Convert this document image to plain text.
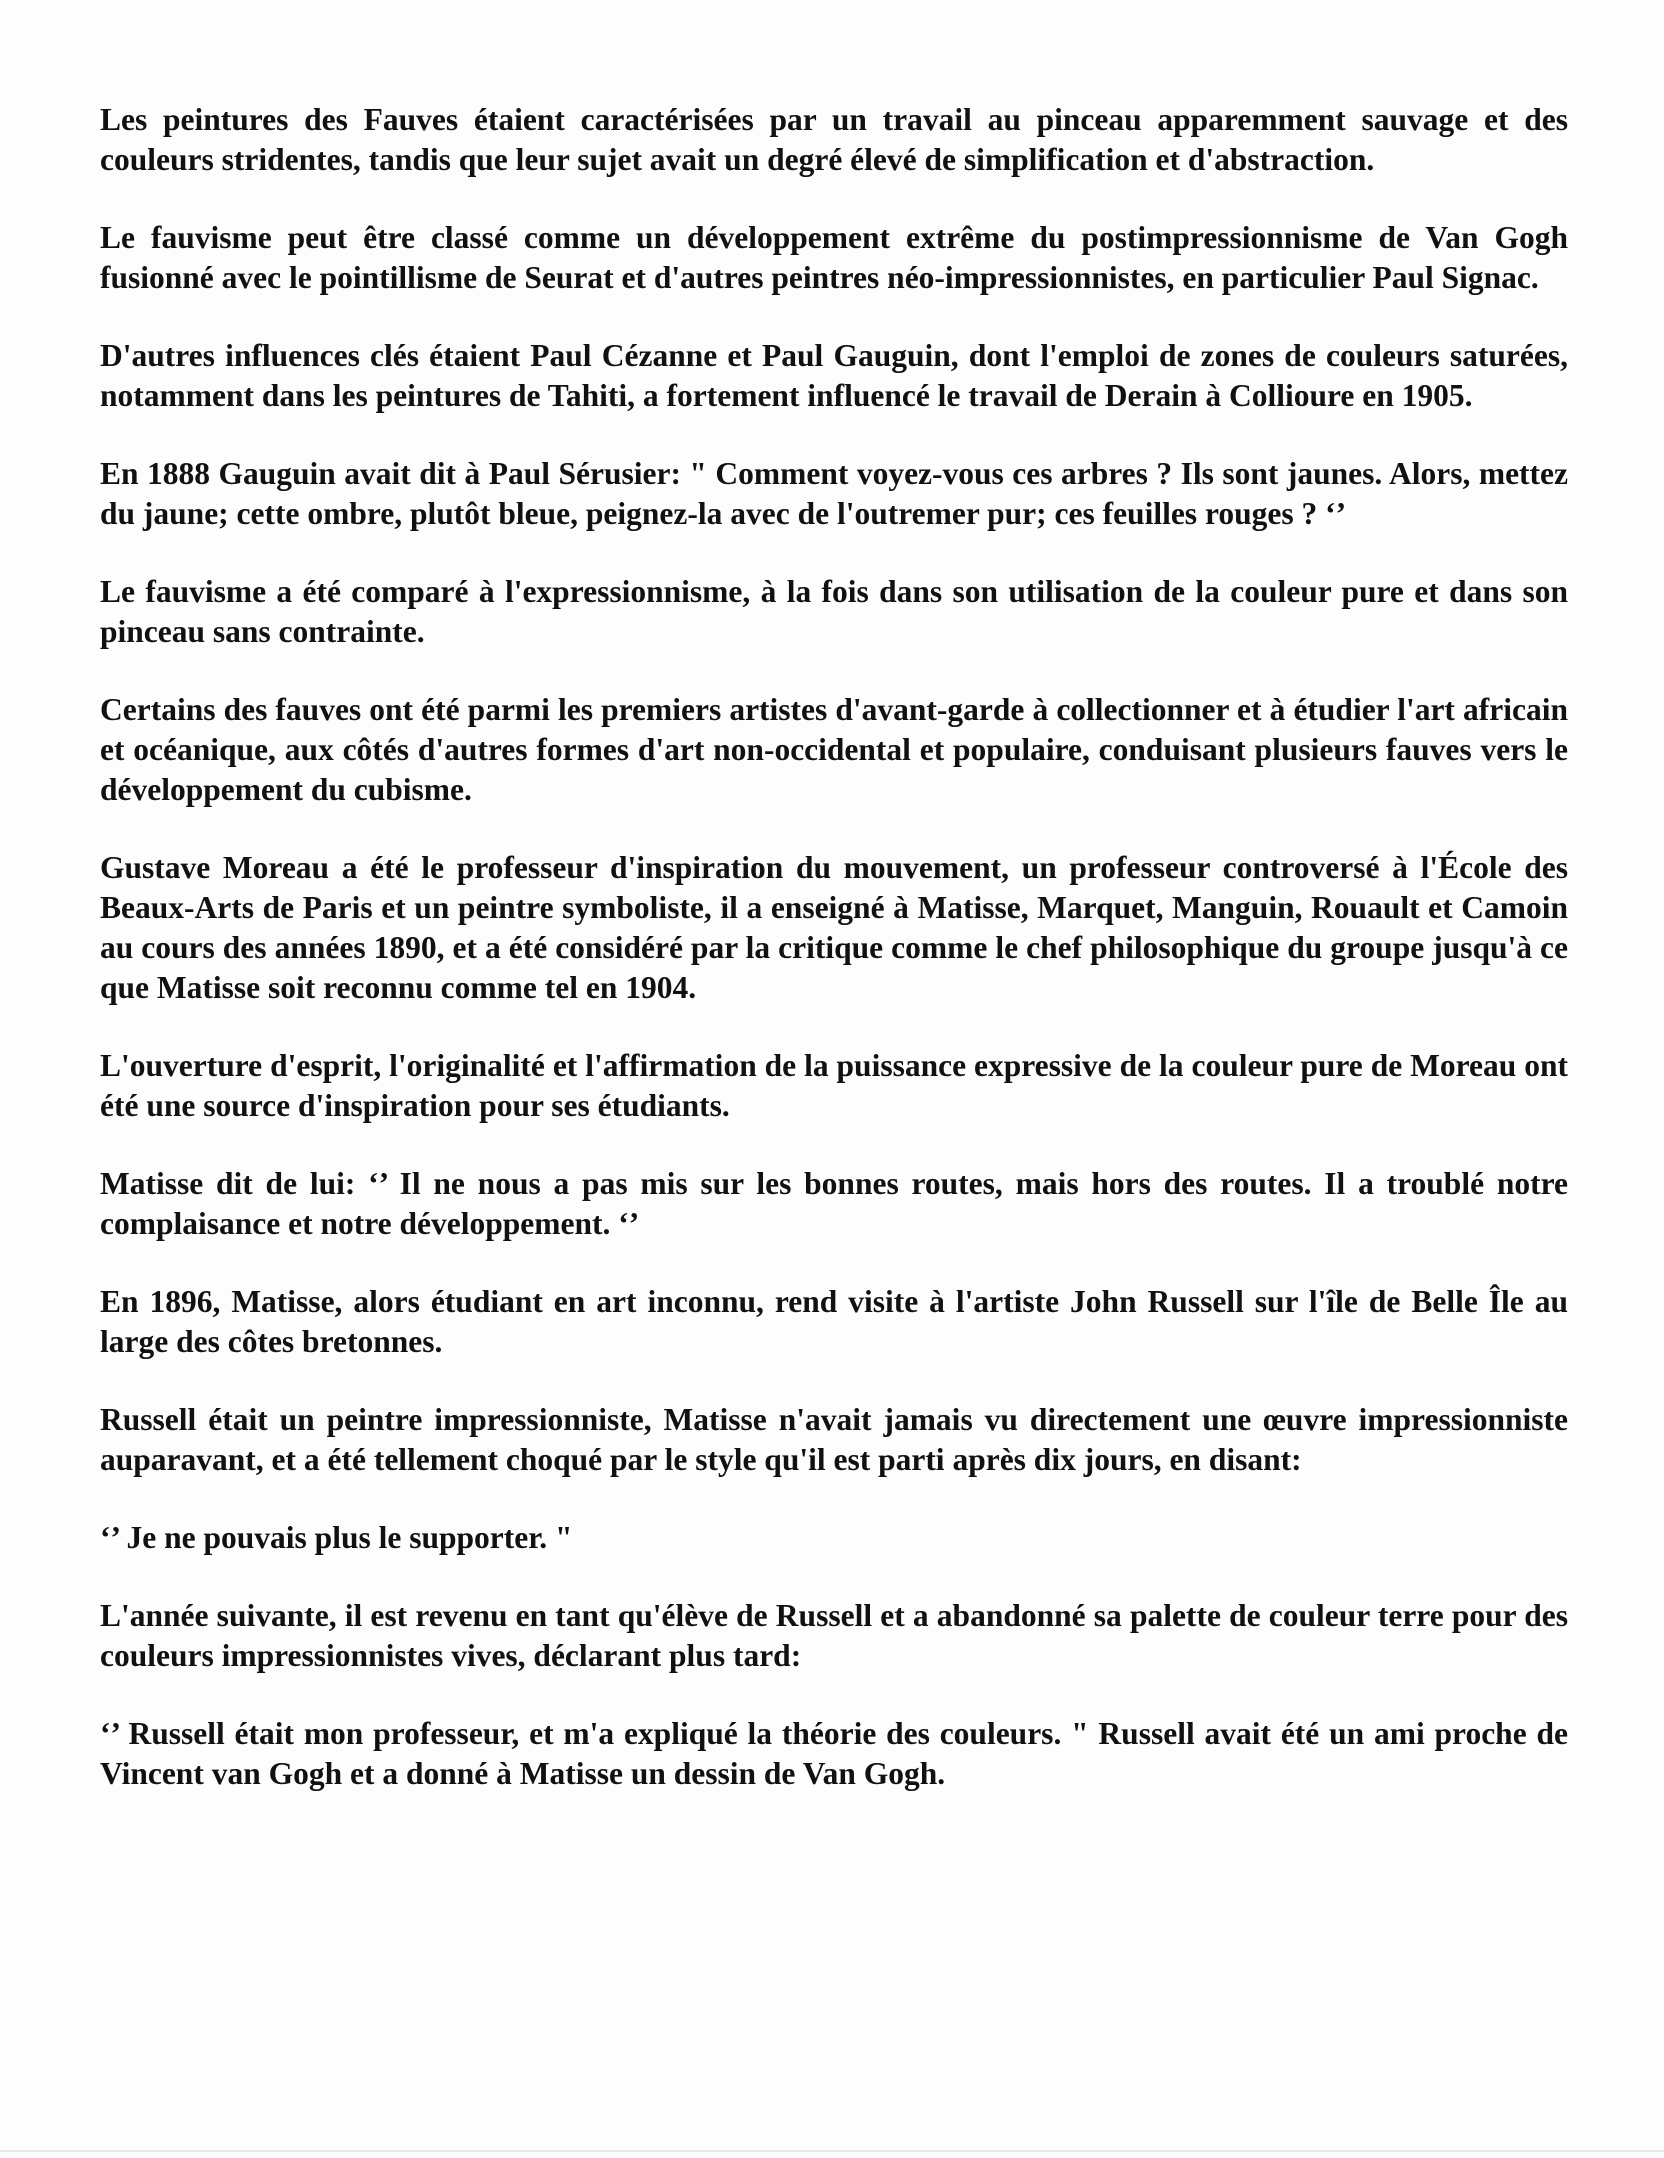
Les peintures des Fauves étaient caractérisées par un travail au pinceau apparemment sauvage et des couleurs stridentes, tandis que leur sujet avait un degré élevé de simplification et d'abstraction.

Le fauvisme peut être classé comme un développement extrême du postimpressionnisme de Van Gogh fusionné avec le pointillisme de Seurat et d'autres peintres néo-impressionnistes, en particulier Paul Signac.

D'autres influences clés étaient Paul Cézanne et Paul Gauguin, dont l'emploi de zones de couleurs saturées, notamment dans les peintures de Tahiti, a fortement influencé le travail de Derain à Collioure en 1905.

En 1888 Gauguin avait dit à Paul Sérusier: " Comment voyez-vous ces arbres ? Ils sont jaunes. Alors, mettez du jaune; cette ombre, plutôt bleue, peignez-la avec de l'outremer pur; ces feuilles rouges ? ‘’

Le fauvisme a été comparé à l'expressionnisme, à la fois dans son utilisation de la couleur pure et dans son pinceau sans contrainte.

Certains des fauves ont été parmi les premiers artistes d'avant-garde à collectionner et à étudier l'art africain et océanique, aux côtés d'autres formes d'art non-occidental et populaire, conduisant plusieurs fauves vers le développement du cubisme.

Gustave Moreau a été le professeur d'inspiration du mouvement, un professeur controversé à l'École des Beaux-Arts de Paris et un peintre symboliste, il a enseigné à Matisse, Marquet, Manguin, Rouault et Camoin au cours des années 1890, et a été considéré par la critique comme le chef philosophique du groupe jusqu'à ce que Matisse soit reconnu comme tel en 1904.

L'ouverture d'esprit, l'originalité et l'affirmation de la puissance expressive de la couleur pure de Moreau ont été une source d'inspiration pour ses étudiants.

Matisse dit de lui: ‘’ Il ne nous a pas mis sur les bonnes routes, mais hors des routes. Il a troublé notre complaisance et notre développement. ‘’

En 1896, Matisse, alors étudiant en art inconnu, rend visite à l'artiste John Russell sur l'île de Belle Île au large des côtes bretonnes.

Russell était un peintre impressionniste, Matisse n'avait jamais vu directement une œuvre impressionniste auparavant, et a été tellement choqué par le style qu'il est parti après dix jours, en disant:

‘’ Je ne pouvais plus le supporter. "

L'année suivante, il est revenu en tant qu'élève de Russell et a abandonné sa palette de couleur terre pour des couleurs impressionnistes vives, déclarant plus tard:

‘’ Russell était mon professeur, et m'a expliqué la théorie des couleurs. " Russell avait été un ami proche de Vincent van Gogh et a donné à Matisse un dessin de Van Gogh.
